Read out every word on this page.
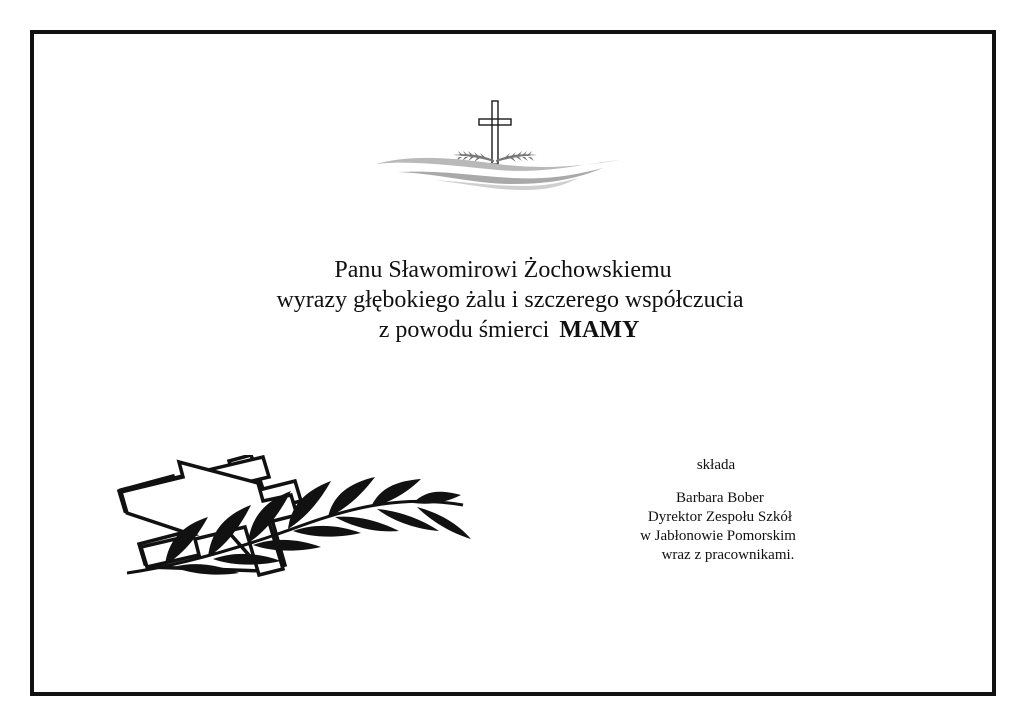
Panu Sławomirowi Żochowskiemu
wyrazy głębokiego żalu i szczerego współczucia
z powodu śmierci MAMY
składa
Barbara Bober
Dyrektor Zespołu Szkół
w Jabłonowie Pomorskim
wraz z pracownikami.
